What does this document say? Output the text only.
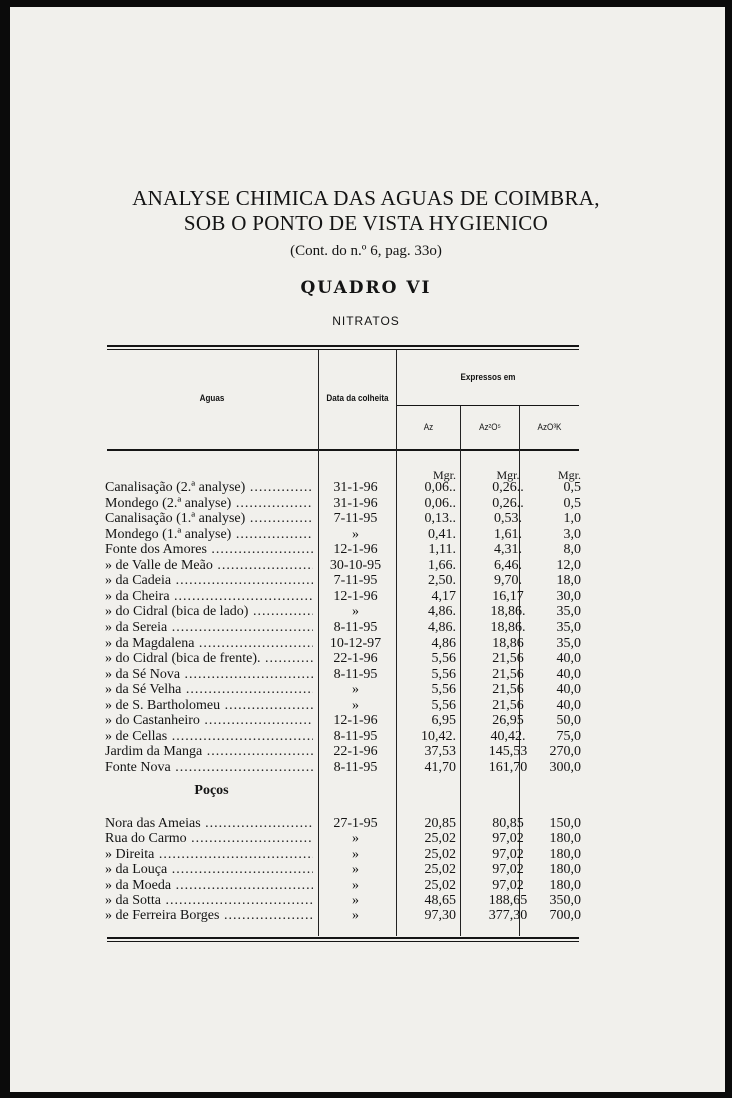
ANALYSE CHIMICA DAS AGUAS DE COIMBRA,
SOB O PONTO DE VISTA HYGIENICO
(Cont. do n.º 6, pag. 33o)
QUADRO VI
NITRATOS
Aguas	Data da colheita
Expressos em
Az	Az²O⁵	AzO³K
Mgr.	Mgr.	Mgr.
Canalisação (2.ª analyse) .....	31-1-96	0,06..	0,26..	0,5
Mondego (2.ª analyse) .....	31-1-96	0,06..	0,26..	0,5
Canalisação (1.ª analyse) .....	7-11-95	0,13..	0,53.	1,0
Mondego (1.ª analyse) .....	»	0,41.	1,61.	3,0
Fonte dos Amores .....	12-1-96	1,11.	4,31.	8,0
» de Valle de Meão .....	30-10-95	1,66.	6,46.	12,0
» da Cadeia .....	7-11-95	2,50.	9,70.	18,0
» da Cheira .....	12-1-96	4,17	16,17	30,0
» do Cidral (bica de lado) .....	»	4,86.	18,86.	35,0
» da Sereia .....	8-11-95	4,86.	18,86.	35,0
» da Magdalena .....	10-12-97	4,86	18,86	35,0
» do Cidral (bica de frente). .....	22-1-96	5,56	21,56	40,0
» da Sé Nova .....	8-11-95	5,56	21,56	40,0
» da Sé Velha .....	»	5,56	21,56	40,0
» de S. Bartholomeu .....	»	5,56	21,56	40,0
» do Castanheiro .....	12-1-96	6,95	26,95	50,0
» de Cellas .....	8-11-95	10,42.	40,42.	75,0
Jardim da Manga .....	22-1-96	37,53	145,53	270,0
Fonte Nova .....	8-11-95	41,70	161,70	300,0
Poços
Nora das Ameias .....	27-1-95	20,85	80,85	150,0
Rua do Carmo .....	»	25,02	97,02	180,0
» Direita .....	»	25,02	97,02	180,0
» da Louça .....	»	25,02	97,02	180,0
» da Moeda .....	»	25,02	97,02	180,0
» da Sotta .....	»	48,65	188,65	350,0
» de Ferreira Borges .....	»	97,30	377,30	700,0
